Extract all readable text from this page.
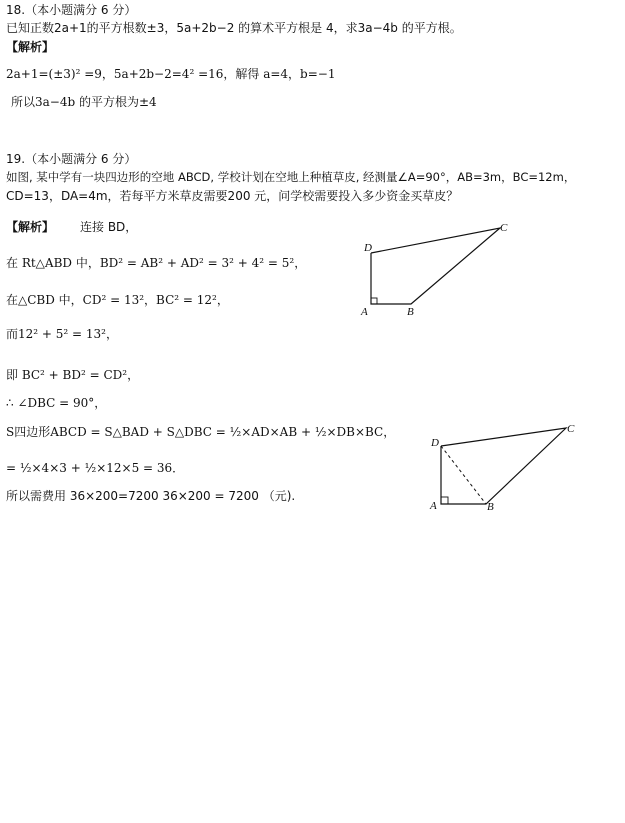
18.（本小题满分 6 分）
已知正数2a+1的平方根数±3，5a+2b−2 的算术平方根是 4，求3a−4b 的平方根。
【解析】
2a+1=(±3)² =9，5a+2b−2=4² =16，解得 a=4，b=−1
所以3a−4b 的平方根为±4
19.（本小题满分 6 分）
如图, 某中学有一块四边形的空地 ABCD, 学校计划在空地上种植草皮, 经测量∠A=90°，AB=3m，BC=12m，
CD=13，DA=4m，若每平方米草皮需要200 元，问学校需要投入多少资金买草皮？
【解析】 连接 BD，
在 Rt△ABD 中，BD² = AB² + AD² = 3² + 4² = 5²，
在△CBD 中，CD² = 13²，BC² = 12²，
而12² + 5² = 13²，
即 BC² + BD² = CD²，
∴ ∠DBC = 90°，
S四边形ABCD = S△BAD + S△DBC = ½×AD×AB + ½×DB×BC，
= ½×4×3 + ½×12×5 = 36．
所以需费用 36×200=7200 36×200 = 7200 （元).
D
A	B
C
D
A	B
C
